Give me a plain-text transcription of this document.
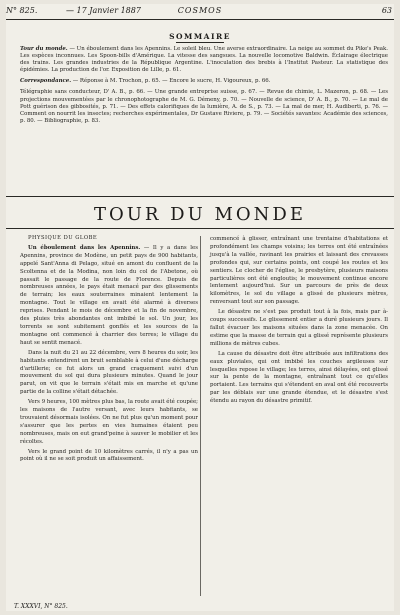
N° 825.	— 17 Janvier 1887	COSMOS	63
SOMMAIRE

Tour du monde. — Un éboulement dans les Apennins. Le soleil bleu. Une averse extraordinaire. La neige au sommet du Pike's Peak. Les espèces inconnues. Les Spoon-bills d'Amérique. La vitesse des sangsues. La nouvelle locomotive Baldwin. Éclairage électrique des trains. Les grandes industries de la République Argentine. L'inoculation des brebis à l'Institut Pasteur. La statistique des épidémies. La production de l'or. Exposition de Lille, p. 61.

Correspondance. — Réponse à M. Trochon, p. 65. — Encore le sucre, H. Vigoureux, p. 66.

Télégraphie sans conducteur, D' A. B., p. 66. — Une grande entreprise suisse, p. 67. — Revue de chimie, L. Mazeron, p. 68. — Les projections mouvementées par le chronophotographe de M. G. Démeny, p. 70. — Nouvelle de science, D' A. B., p. 70. — Le mal de Pott guérison des gibbosités, p. 71. — Des effets calorifiques de la lumière, A. de S., p. 73. — La mal de mer, H. Audiberti, p. 76. — Comment on nourrit les insectes; recherches expérimentales, Dr Gustave Riviere, p. 79. — Sociétés savantes: Académie des sciences, p. 80. — Bibliographie, p. 83.

TOUR DU MONDE

PHYSIQUE DU GLOBE

Un éboulement dans les Apennins. — Il y a dans les Apennins, province de Modène, un petit pays de 900 habitants, appelé Sant'Anna di Pelago, situé en amont du confluent de la Scoltenna et de la Modina, non loin du col de l'Abetone, où passait le passage de la route de Florence. Depuis de nombreuses années, le pays était menacé par des glissements de terrain; les eaux souterraines minaient lentement la montagne. Tout le village en avait été alarmé à diverses reprises. Pendant le mois de décembre et la fin de novembre, des pluies très abondantes ont imbibé le sol. Un jour, les torrents se sont subitement gonflés et les sources de la montagne ont commencé à charrier des terres; le village du haut se sentit menacé.

Dans la nuit du 21 au 22 décembre, vers 8 heures du soir, les habitants entendirent un bruit semblable à celui d'une décharge d'artillerie; ce fut alors un grand craquement suivi d'un mouvement du sol qui dura plusieurs minutes. Quand le jour parut, on vit que le terrain s'était mis en marche et qu'une partie de la colline s'était détachée.

Vers 9 heures, 100 mètres plus bas, la route avait été coupée; les maisons de l'autre versant, avec leurs habitants, se trouvaient désormais isolées. On ne fut plus qu'un moment pour s'assurer que les pertes en vies humaines étaient peu nombreuses, mais on eut grand'peine à sauver le mobilier et les récoltes.

Vers le grand point de 10 kilomètres carrés, il n'y a pas un point où il ne se soit produit un affaissement.

commencé à glisser, entraînant une trentaine d'habitations et profondément les champs voisins; les terres ont été entraînées jusqu'à la vallée, ravinant les prairies et laissant des crevasses profondes qui, sur certains points, ont coupé les routes et les sentiers. Le clocher de l'église, le presbytère, plusieurs maisons particulières ont été engloutis; le mouvement continue encore lentement aujourd'hui. Sur un parcours de près de deux kilomètres, le sol du village a glissé de plusieurs mètres, renversant tout sur son passage.

Le désastre ne s'est pas produit tout à la fois, mais par à-coups successifs. Le glissement entier a duré plusieurs jours. Il fallut évacuer les maisons situées dans la zone menacée. On estime que la masse de terrain qui a glissé représente plusieurs millions de mètres cubes.

La cause du désastre doit être attribuée aux infiltrations des eaux pluviales, qui ont imbibé les couches argileuses sur lesquelles repose le village; les terres, ainsi délayées, ont glissé sur la pente de la montagne, entraînant tout ce qu'elles portaient. Les terrains qui s'étendent en aval ont été recouverts par les déblais sur une grande étendue, et le désastre s'est étendu au rayon du désastre primitif.

T. XXXVI, N° 825.
